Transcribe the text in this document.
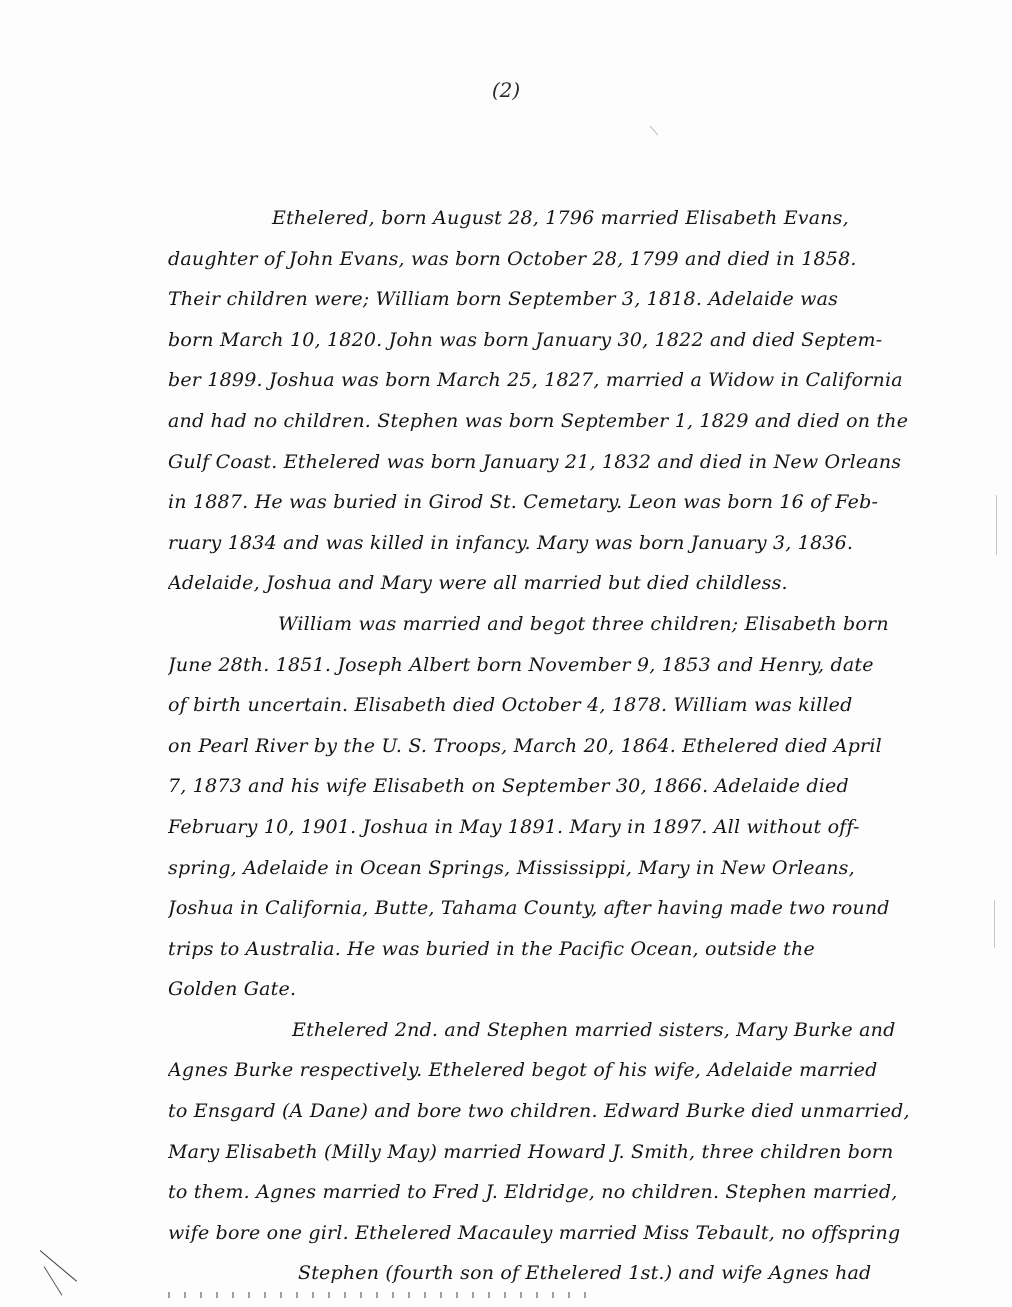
(2)
Ethelered, born August 28, 1796 married Elisabeth Evans,
daughter of John Evans, was born October 28, 1799 and died in 1858.
Their children were; William born September 3, 1818. Adelaide was
born March 10, 1820. John was born January 30, 1822 and died Septem-
ber 1899. Joshua was born March 25, 1827, married a Widow in California
and had no children. Stephen was born September 1, 1829 and died on the
Gulf Coast. Ethelered was born January 21, 1832 and died in New Orleans
in 1887. He was buried in Girod St. Cemetary. Leon was born 16 of Feb-
ruary 1834 and was killed in infancy. Mary was born January 3, 1836.
Adelaide, Joshua and Mary were all married but died childless.
William was married and begot three children; Elisabeth born
June 28th. 1851. Joseph Albert born November 9, 1853 and Henry, date
of birth uncertain. Elisabeth died October 4, 1878. William was killed
on Pearl River by the U. S. Troops, March 20, 1864. Ethelered died April
7, 1873 and his wife Elisabeth on September 30, 1866. Adelaide died
February 10, 1901. Joshua in May 1891. Mary in 1897. All without off-
spring, Adelaide in Ocean Springs, Mississippi, Mary in New Orleans,
Joshua in California, Butte, Tahama County, after having made two round
trips to Australia. He was buried in the Pacific Ocean, outside the
Golden Gate.
Ethelered 2nd. and Stephen married sisters, Mary Burke and
Agnes Burke respectively. Ethelered begot of his wife, Adelaide married
to Ensgard (A Dane) and bore two children. Edward Burke died unmarried,
Mary Elisabeth (Milly May) married Howard J. Smith, three children born
to them. Agnes married to Fred J. Eldridge, no children. Stephen married,
wife bore one girl. Ethelered Macauley married Miss Tebault, no offspring
Stephen (fourth son of Ethelered 1st.) and wife Agnes had
